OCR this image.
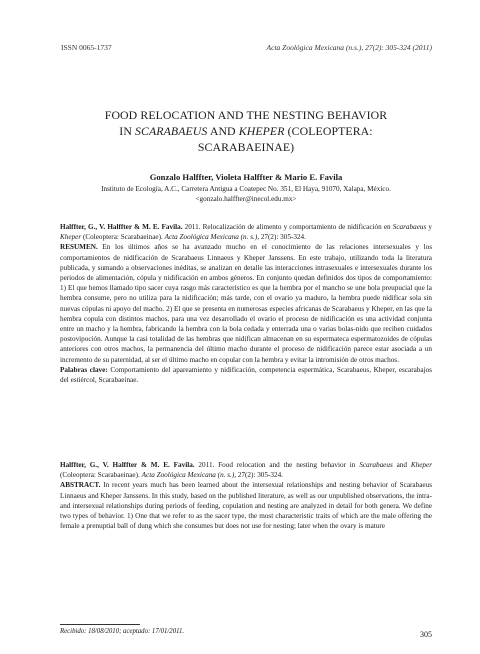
ISSN 0065-1737	Acta Zoológica Mexicana (n.s.), 27(2): 305-324 (2011)
FOOD RELOCATION AND THE NESTING BEHAVIOR
IN SCARABAEUS AND KHEPER (COLEOPTERA:
SCARABAEINAE)
Gonzalo Halffter, Violeta Halffter & Mario E. Favila
Instituto de Ecología, A.C., Carretera Antigua a Coatepec No. 351, El Haya, 91070, Xalapa, México.
<gonzalo.halffter@inecol.edu.mx>

Halffter, G., V. Halffter & M. E. Favila. 2011. Relocalización de alimento y comportamiento de nidificación en Scarabaeus y Kheper (Coleoptera: Scarabaeinae). Acta Zoológica Mexicana (n. s.), 27(2): 305-324.

RESUMEN. En los últimos años se ha avanzado mucho en el conocimiento de las relaciones intersexuales y los comportamientos de nidificación de Scarabaeus Linnaeus y Kheper Janssens. En este trabajo, utilizando toda la literatura publicada, y sumando a observaciones inéditas, se analizan en detalle las interacciones intrasexuales e intersexuales durante los periodos de alimentación, cópula y nidificación en ambos géneros. En conjunto quedan definidos dos tipos de comportamiento: 1) El que hemos llamado tipo sacer cuya rasgo más característico es que la hembra por el mancho se une bola preupucial que la hembra consume, pero no utiliza para la nidificación; más tarde, con el ovario ya maduro, la hembra puede nidificar sola sin nuevas cópulas ni apoyo del macho. 2) El que se presenta en numerosas especies africanas de Scarabaeus y Kheper, en las que la hembra copula con distintos machos, para una vez desarrollado el ovario el proceso de nidificación es una actividad conjunta entre un macho y la hembra, fabricando la hembra con la bola cedada y enterrada una o varias bolas-nido que reciben cuidados postovipoción. Aunque la casi totalidad de las hembras que nidifican almacenan en su espermateca espermatozoides de cópulas anteriores con otros machos, la permanencia del último macho durante el proceso de nidificación parece estar asociada a un incremento de su paternidad, al ser el último macho en copular con la hembra y evitar la intromisión de otros machos.

Palabras clave: Comportamiento del apareamiento y nidificación, competencia espermática, Scarabaeus, Kheper, escarabajos del estiércol, Scarabaeinae.

Halffter, G., V. Halffter & M. E. Favila. 2011. Food relocation and the nesting behavior in Scarabaeus and Kheper (Coleoptera: Scarabaeinae). Acta Zoológica Mexicana (n. s.), 27(2): 305-324.

ABSTRACT. In recent years much has been learned about the intersexual relationships and nesting behavior of Scarabaeus Linnaeus and Kheper Janssens. In this study, based on the published literature, as well as our unpublished observations, the intra- and intersexual relationships during periods of feeding, copulation and nesting are analyzed in detail for both genera. We define two types of behavior. 1) One that we refer to as the sacer type, the most characteristic traits of which are the male offering the female a prenuptial ball of dung which she consumes but does not use for nesting; later when the ovary is mature

Recibido: 18/08/2010; aceptado: 17/01/2011.	305
